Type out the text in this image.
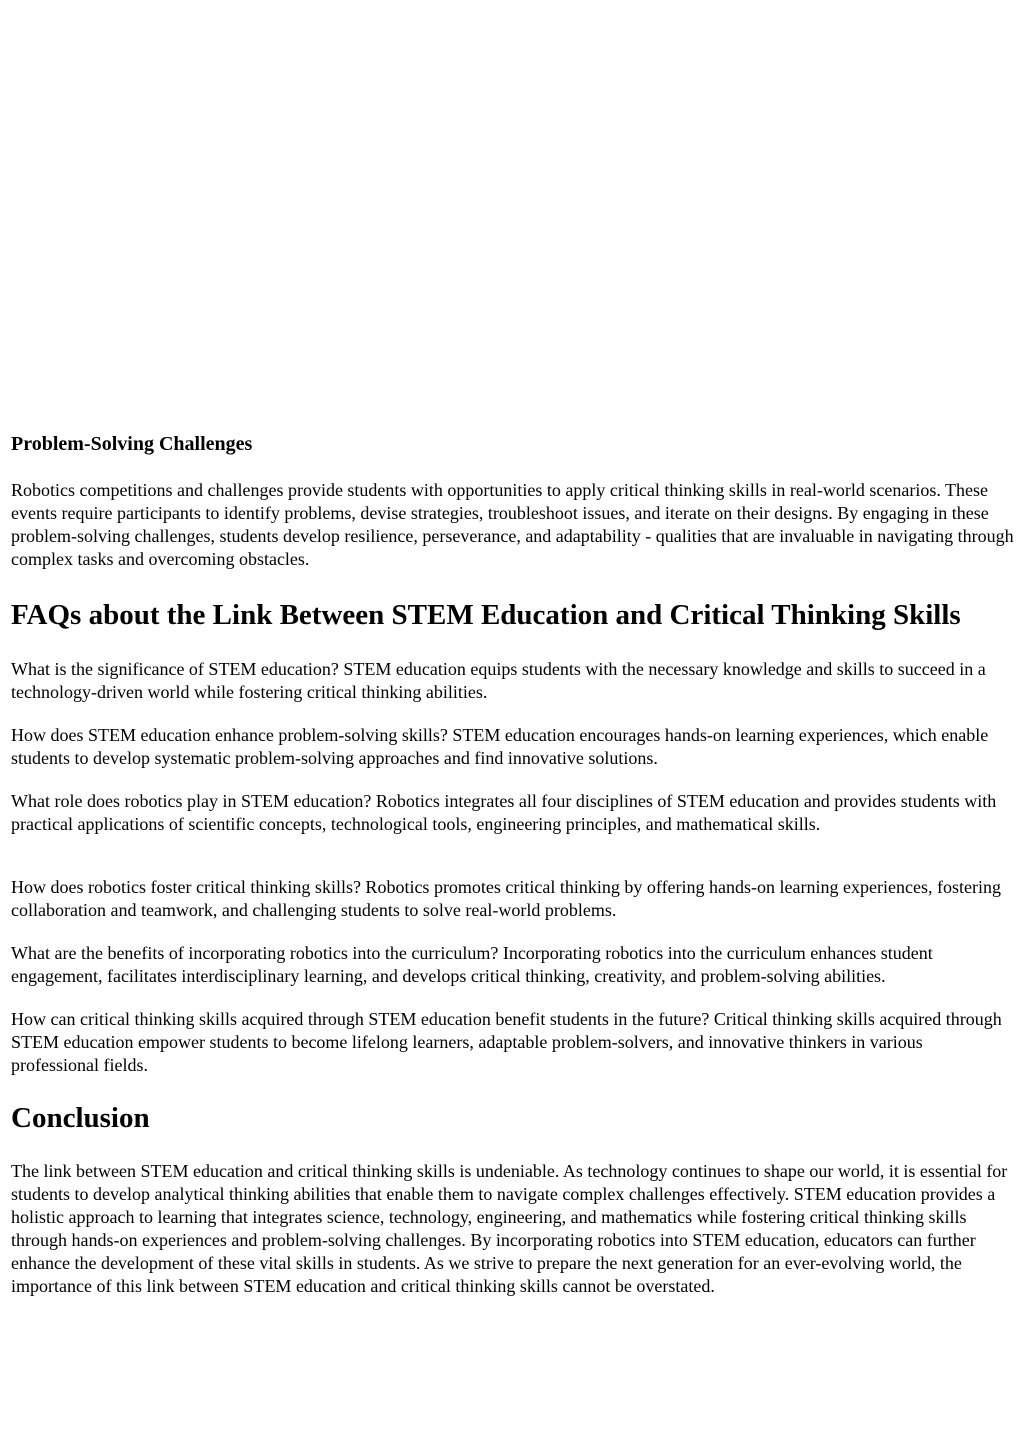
Problem-Solving Challenges

Robotics competitions and challenges provide students with opportunities to apply critical thinking skills in real-world scenarios. These events require participants to identify problems, devise strategies, troubleshoot issues, and iterate on their designs. By engaging in these problem-solving challenges, students develop resilience, perseverance, and adaptability - qualities that are invaluable in navigating through complex tasks and overcoming obstacles.

FAQs about the Link Between STEM Education and Critical Thinking Skills

What is the significance of STEM education? STEM education equips students with the necessary knowledge and skills to succeed in a technology-driven world while fostering critical thinking abilities.

How does STEM education enhance problem-solving skills? STEM education encourages hands-on learning experiences, which enable students to develop systematic problem-solving approaches and find innovative solutions.

What role does robotics play in STEM education? Robotics integrates all four disciplines of STEM education and provides students with practical applications of scientific concepts, technological tools, engineering principles, and mathematical skills.

How does robotics foster critical thinking skills? Robotics promotes critical thinking by offering hands-on learning experiences, fostering collaboration and teamwork, and challenging students to solve real-world problems.

What are the benefits of incorporating robotics into the curriculum? Incorporating robotics into the curriculum enhances student engagement, facilitates interdisciplinary learning, and develops critical thinking, creativity, and problem-solving abilities.

How can critical thinking skills acquired through STEM education benefit students in the future? Critical thinking skills acquired through STEM education empower students to become lifelong learners, adaptable problem-solvers, and innovative thinkers in various professional fields.

Conclusion

The link between STEM education and critical thinking skills is undeniable. As technology continues to shape our world, it is essential for students to develop analytical thinking abilities that enable them to navigate complex challenges effectively. STEM education provides a holistic approach to learning that integrates science, technology, engineering, and mathematics while fostering critical thinking skills through hands-on experiences and problem-solving challenges. By incorporating robotics into STEM education, educators can further enhance the development of these vital skills in students. As we strive to prepare the next generation for an ever-evolving world, the importance of this link between STEM education and critical thinking skills cannot be overstated.
